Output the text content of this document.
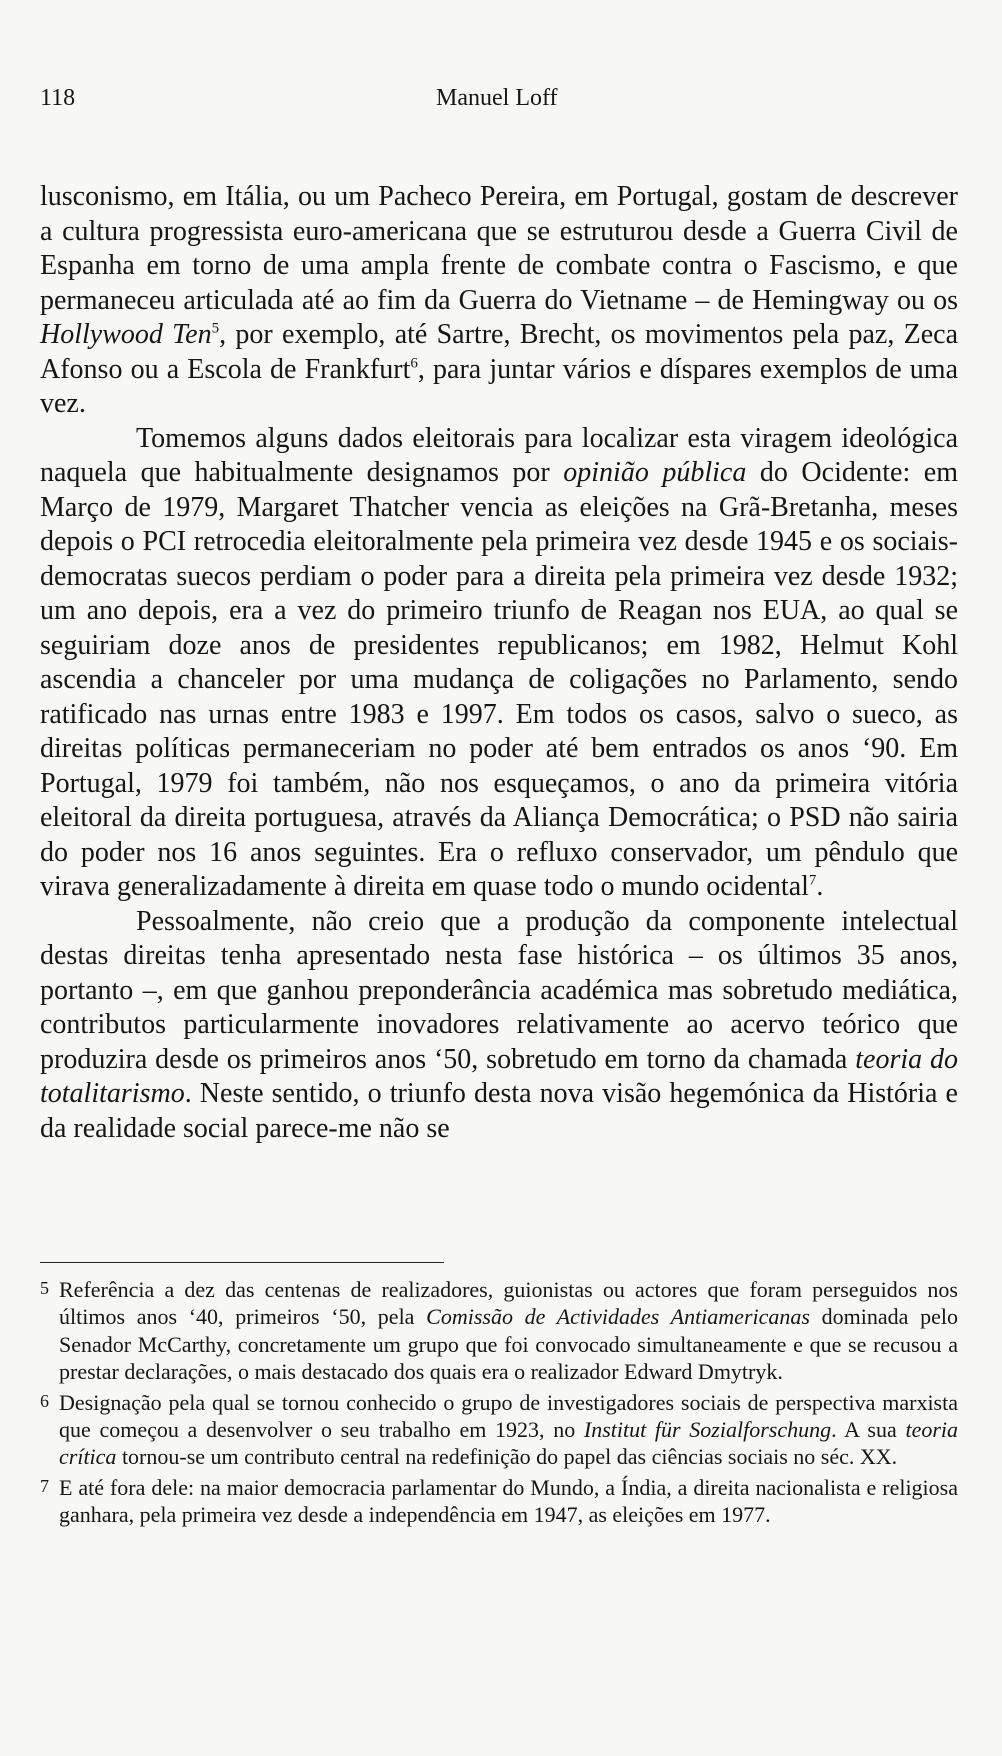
118	Manuel Loff

lusconismo, em Itália, ou um Pacheco Pereira, em Portugal, gostam de descrever a cultura progressista euro-americana que se estruturou desde a Guerra Civil de Espanha em torno de uma ampla frente de combate contra o Fascismo, e que permaneceu articulada até ao fim da Guerra do Vietname – de Hemingway ou os Hollywood Ten$^5$, por exemplo, até Sartre, Brecht, os movimentos pela paz, Zeca Afonso ou a Escola de Frankfurt$^6$, para juntar vários e díspares exemplos de uma vez.

Tomemos alguns dados eleitorais para localizar esta viragem ideológica naquela que habitualmente designamos por opinião pública do Ocidente: em Março de 1979, Margaret Thatcher vencia as eleições na Grã-Bretanha, meses depois o PCI retrocedia eleitoralmente pela primeira vez desde 1945 e os sociais-democratas suecos perdiam o poder para a direita pela primeira vez desde 1932; um ano depois, era a vez do primeiro triunfo de Reagan nos EUA, ao qual se seguiriam doze anos de presidentes republicanos; em 1982, Helmut Kohl ascendia a chanceler por uma mudança de coligações no Parlamento, sendo ratificado nas urnas entre 1983 e 1997. Em todos os casos, salvo o sueco, as direitas políticas permaneceriam no poder até bem entrados os anos ‘90. Em Portugal, 1979 foi também, não nos esqueçamos, o ano da primeira vitória eleitoral da direita portuguesa, através da Aliança Democrática; o PSD não sairia do poder nos 16 anos seguintes. Era o refluxo conservador, um pêndulo que virava generalizadamente à direita em quase todo o mundo ocidental$^7$.

Pessoalmente, não creio que a produção da componente intelectual destas direitas tenha apresentado nesta fase histórica – os últimos 35 anos, portanto –, em que ganhou preponderância académica mas sobretudo mediática, contributos particularmente inovadores relativamente ao acervo teórico que produzira desde os primeiros anos ‘50, sobretudo em torno da chamada teoria do totalitarismo. Neste sentido, o triunfo desta nova visão hegemónica da História e da realidade social parece-me não se

5 Referência a dez das centenas de realizadores, guionistas ou actores que foram perseguidos nos últimos anos ‘40, primeiros ‘50, pela Comissão de Actividades Antiamericanas dominada pelo Senador McCarthy, concretamente um grupo que foi convocado simultaneamente e que se recusou a prestar declarações, o mais destacado dos quais era o realizador Edward Dmytryk.

6 Designação pela qual se tornou conhecido o grupo de investigadores sociais de perspectiva marxista que começou a desenvolver o seu trabalho em 1923, no Institut für Sozialforschung. A sua teoria crítica tornou-se um contributo central na redefinição do papel das ciências sociais no séc. XX.

7 E até fora dele: na maior democracia parlamentar do Mundo, a Índia, a direita nacionalista e religiosa ganhara, pela primeira vez desde a independência em 1947, as eleições em 1977.
